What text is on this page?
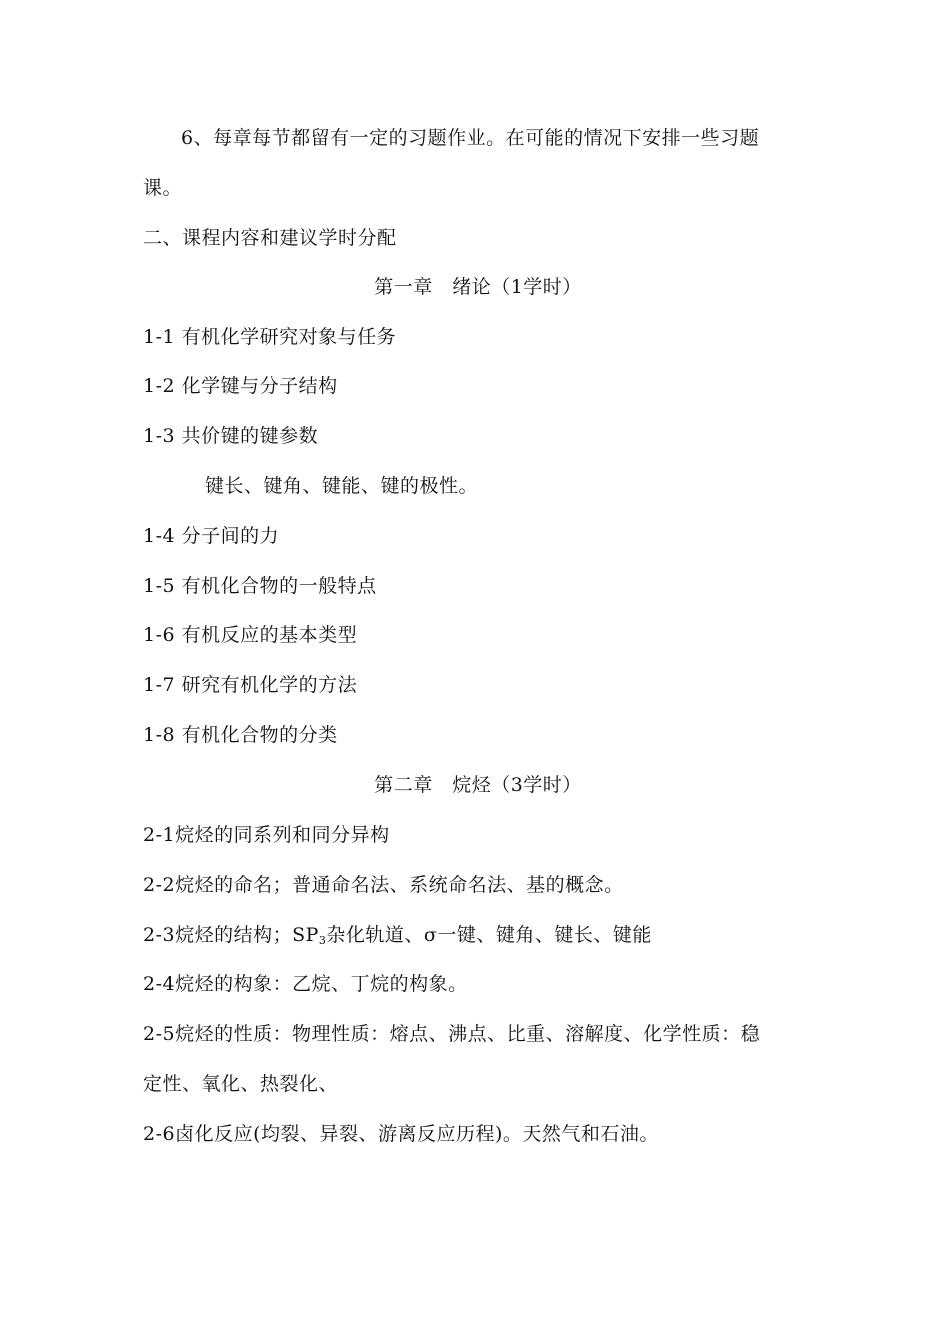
6、每章每节都留有一定的习题作业。在可能的情况下安排一些习题
课。
二、课程内容和建议学时分配
第一章　绪论（1学时）
1-1 有机化学研究对象与任务
1-2 化学键与分子结构
1-3 共价键的键参数
键长、键角、键能、键的极性。
1-4 分子间的力
1-5 有机化合物的一般特点
1-6 有机反应的基本类型
1-7 研究有机化学的方法
1-8 有机化合物的分类
第二章　烷烃（3学时）
2-1烷烃的同系列和同分异构
2-2烷烃的命名；普通命名法、系统命名法、基的概念。
2-3烷烃的结构；$SP_3$杂化轨道、σ一键、键角、键长、键能
2-4烷烃的构象：乙烷、丁烷的构象。
2-5烷烃的性质：物理性质：熔点、沸点、比重、溶解度、化学性质：稳
定性、氧化、热裂化、
2-6卤化反应(均裂、异裂、游离反应历程)。天然气和石油。
